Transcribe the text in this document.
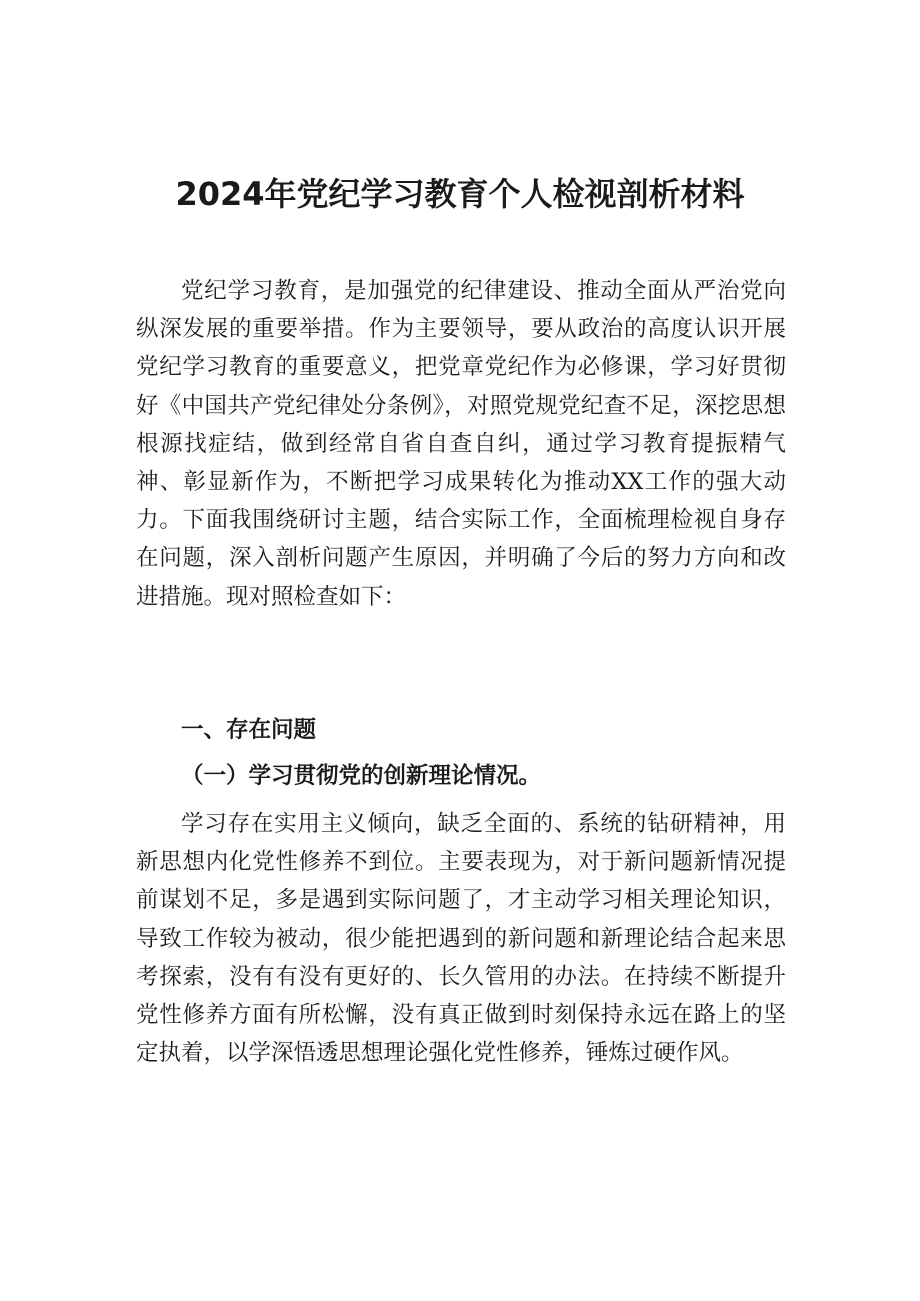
2024年党纪学习教育个人检视剖析材料

党纪学习教育，是加强党的纪律建设、推动全面从严治党向纵深发展的重要举措。作为主要领导，要从政治的高度认识开展党纪学习教育的重要意义，把党章党纪作为必修课，学习好贯彻好《中国共产党纪律处分条例》，对照党规党纪查不足，深挖思想根源找症结，做到经常自省自查自纠，通过学习教育提振精气神、彰显新作为，不断把学习成果转化为推动XX工作的强大动力。下面我围绕研讨主题，结合实际工作，全面梳理检视自身存在问题，深入剖析问题产生原因，并明确了今后的努力方向和改进措施。现对照检查如下：

一、存在问题
（一）学习贯彻党的创新理论情况。

学习存在实用主义倾向，缺乏全面的、系统的钻研精神，用新思想内化党性修养不到位。主要表现为，对于新问题新情况提前谋划不足，多是遇到实际问题了，才主动学习相关理论知识，导致工作较为被动，很少能把遇到的新问题和新理论结合起来思考探索，没有有没有更好的、长久管用的办法。在持续不断提升党性修养方面有所松懈，没有真正做到时刻保持永远在路上的坚定执着，以学深悟透思想理论强化党性修养，锤炼过硬作风。
